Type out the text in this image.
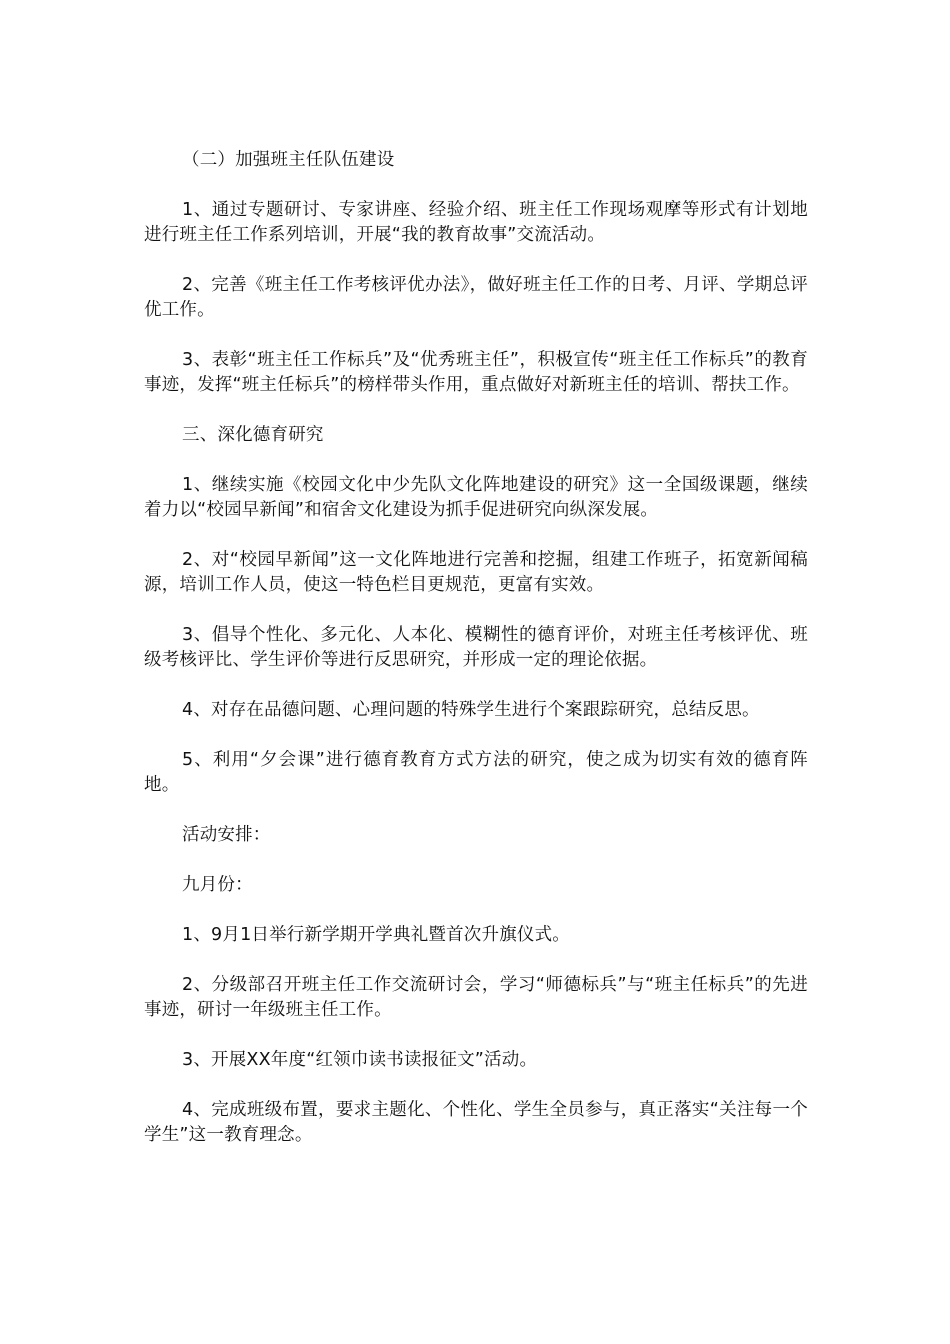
（二）加强班主任队伍建设

1、通过专题研讨、专家讲座、经验介绍、班主任工作现场观摩等形式有计划地进行班主任工作系列培训，开展“我的教育故事”交流活动。

2、完善《班主任工作考核评优办法》，做好班主任工作的日考、月评、学期总评优工作。

3、表彰“班主任工作标兵”及“优秀班主任”，积极宣传“班主任工作标兵”的教育事迹，发挥“班主任标兵”的榜样带头作用，重点做好对新班主任的培训、帮扶工作。

三、深化德育研究

1、继续实施《校园文化中少先队文化阵地建设的研究》这一全国级课题，继续着力以“校园早新闻”和宿舍文化建设为抓手促进研究向纵深发展。

2、对“校园早新闻”这一文化阵地进行完善和挖掘，组建工作班子，拓宽新闻稿源，培训工作人员，使这一特色栏目更规范，更富有实效。

3、倡导个性化、多元化、人本化、模糊性的德育评价，对班主任考核评优、班级考核评比、学生评价等进行反思研究，并形成一定的理论依据。

4、对存在品德问题、心理问题的特殊学生进行个案跟踪研究，总结反思。

5、利用“夕会课”进行德育教育方式方法的研究，使之成为切实有效的德育阵地。

活动安排：

九月份：

1、9月1日举行新学期开学典礼暨首次升旗仪式。

2、分级部召开班主任工作交流研讨会，学习“师德标兵”与“班主任标兵”的先进事迹，研讨一年级班主任工作。

3、开展XX年度“红领巾读书读报征文”活动。

4、完成班级布置，要求主题化、个性化、学生全员参与，真正落实“关注每一个学生”这一教育理念。
